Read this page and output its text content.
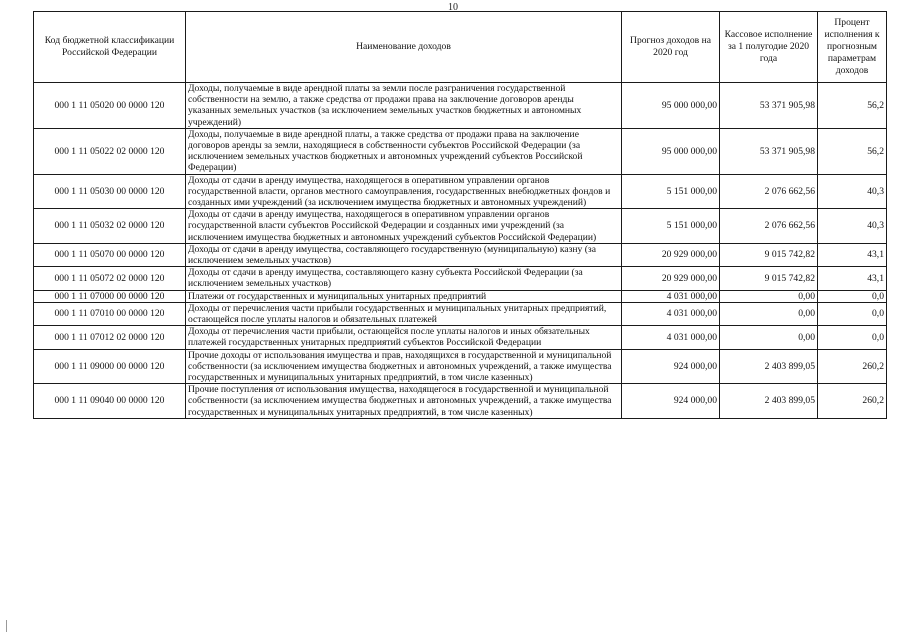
10
Код бюджетной классификации Российской Федерации	Наименование доходов	Прогноз доходов на 2020 год	Кассовое исполнение за 1 полугодие 2020 года	Процент исполнения к прогнозным параметрам доходов
000 1 11 05020 00 0000 120	Доходы, получаемые в виде арендной платы за земли после разграничения государственной собственности на землю, а также средства от продажи права на заключение договоров аренды указанных земельных участков (за исключением земельных участков бюджетных и автономных учреждений)	95 000 000,00	53 371 905,98	56,2
000 1 11 05022 02 0000 120	Доходы, получаемые в виде арендной платы, а также средства от продажи права на заключение договоров аренды за земли, находящиеся в собственности субъектов Российской Федерации (за исключением земельных участков бюджетных и автономных учреждений субъектов Российской Федерации)	95 000 000,00	53 371 905,98	56,2
000 1 11 05030 00 0000 120	Доходы от сдачи в аренду имущества, находящегося в оперативном управлении органов государственной власти, органов местного самоуправления, государственных внебюджетных фондов и созданных ими учреждений (за исключением имущества бюджетных и автономных учреждений)	5 151 000,00	2 076 662,56	40,3
000 1 11 05032 02 0000 120	Доходы от сдачи в аренду имущества, находящегося в оперативном управлении органов государственной власти субъектов Российской Федерации и созданных ими учреждений (за исключением имущества бюджетных и автономных учреждений субъектов Российской Федерации)	5 151 000,00	2 076 662,56	40,3
000 1 11 05070 00 0000 120	Доходы от сдачи в аренду имущества, составляющего государственную (муниципальную) казну (за исключением земельных участков)	20 929 000,00	9 015 742,82	43,1
000 1 11 05072 02 0000 120	Доходы от сдачи в аренду имущества, составляющего казну субъекта Российской Федерации (за исключением земельных участков)	20 929 000,00	9 015 742,82	43,1
000 1 11 07000 00 0000 120	Платежи от государственных и муниципальных унитарных предприятий	4 031 000,00	0,00	0,0
000 1 11 07010 00 0000 120	Доходы от перечисления части прибыли государственных и муниципальных унитарных предприятий, остающейся после уплаты налогов и обязательных платежей	4 031 000,00	0,00	0,0
000 1 11 07012 02 0000 120	Доходы от перечисления части прибыли, остающейся после уплаты налогов и иных обязательных платежей государственных унитарных предприятий субъектов Российской Федерации	4 031 000,00	0,00	0,0
000 1 11 09000 00 0000 120	Прочие доходы от использования имущества и прав, находящихся в государственной и муниципальной собственности (за исключением имущества бюджетных и автономных учреждений, а также имущества государственных и муниципальных унитарных предприятий, в том числе казенных)	924 000,00	2 403 899,05	260,2
000 1 11 09040 00 0000 120	Прочие поступления от использования имущества, находящегося в государственной и муниципальной собственности (за исключением имущества бюджетных и автономных учреждений, а также имущества государственных и муниципальных унитарных предприятий, в том числе казенных)	924 000,00	2 403 899,05	260,2
